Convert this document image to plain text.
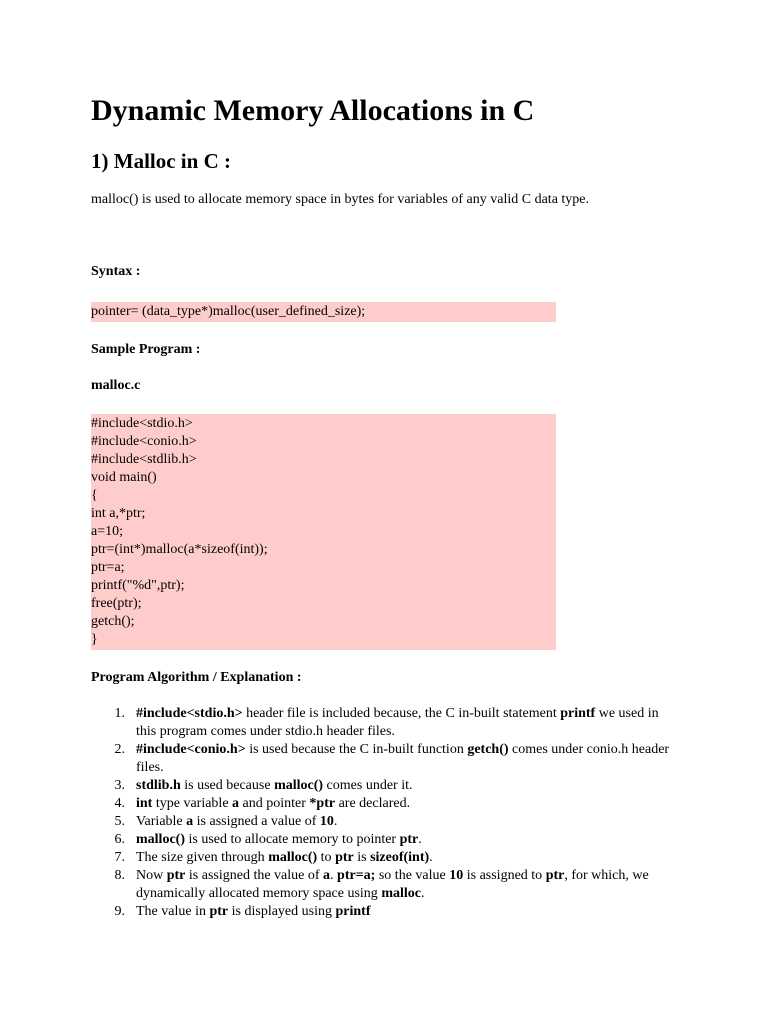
Dynamic Memory Allocations in C
1) Malloc in C :
malloc() is used to allocate memory space in bytes for variables of any valid C data type.
Syntax :
pointer= (data_type*)malloc(user_defined_size);
Sample Program :
malloc.c
#include<stdio.h>
#include<conio.h>
#include<stdlib.h>
void main()
{
int a,*ptr;
a=10;
ptr=(int*)malloc(a*sizeof(int));
ptr=a;
printf("%d",ptr);
free(ptr);
getch();
}
Program Algorithm / Explanation :
1. #include<stdio.h> header file is included because, the C in-built statement printf we used in this program comes under stdio.h header files.
2. #include<conio.h> is used because the C in-built function getch() comes under conio.h header files.
3. stdlib.h is used because malloc() comes under it.
4. int type variable a and pointer *ptr are declared.
5. Variable a is assigned a value of 10.
6. malloc() is used to allocate memory to pointer ptr.
7. The size given through malloc() to ptr is sizeof(int).
8. Now ptr is assigned the value of a. ptr=a; so the value 10 is assigned to ptr, for which, we dynamically allocated memory space using malloc.
9. The value in ptr is displayed using printf
